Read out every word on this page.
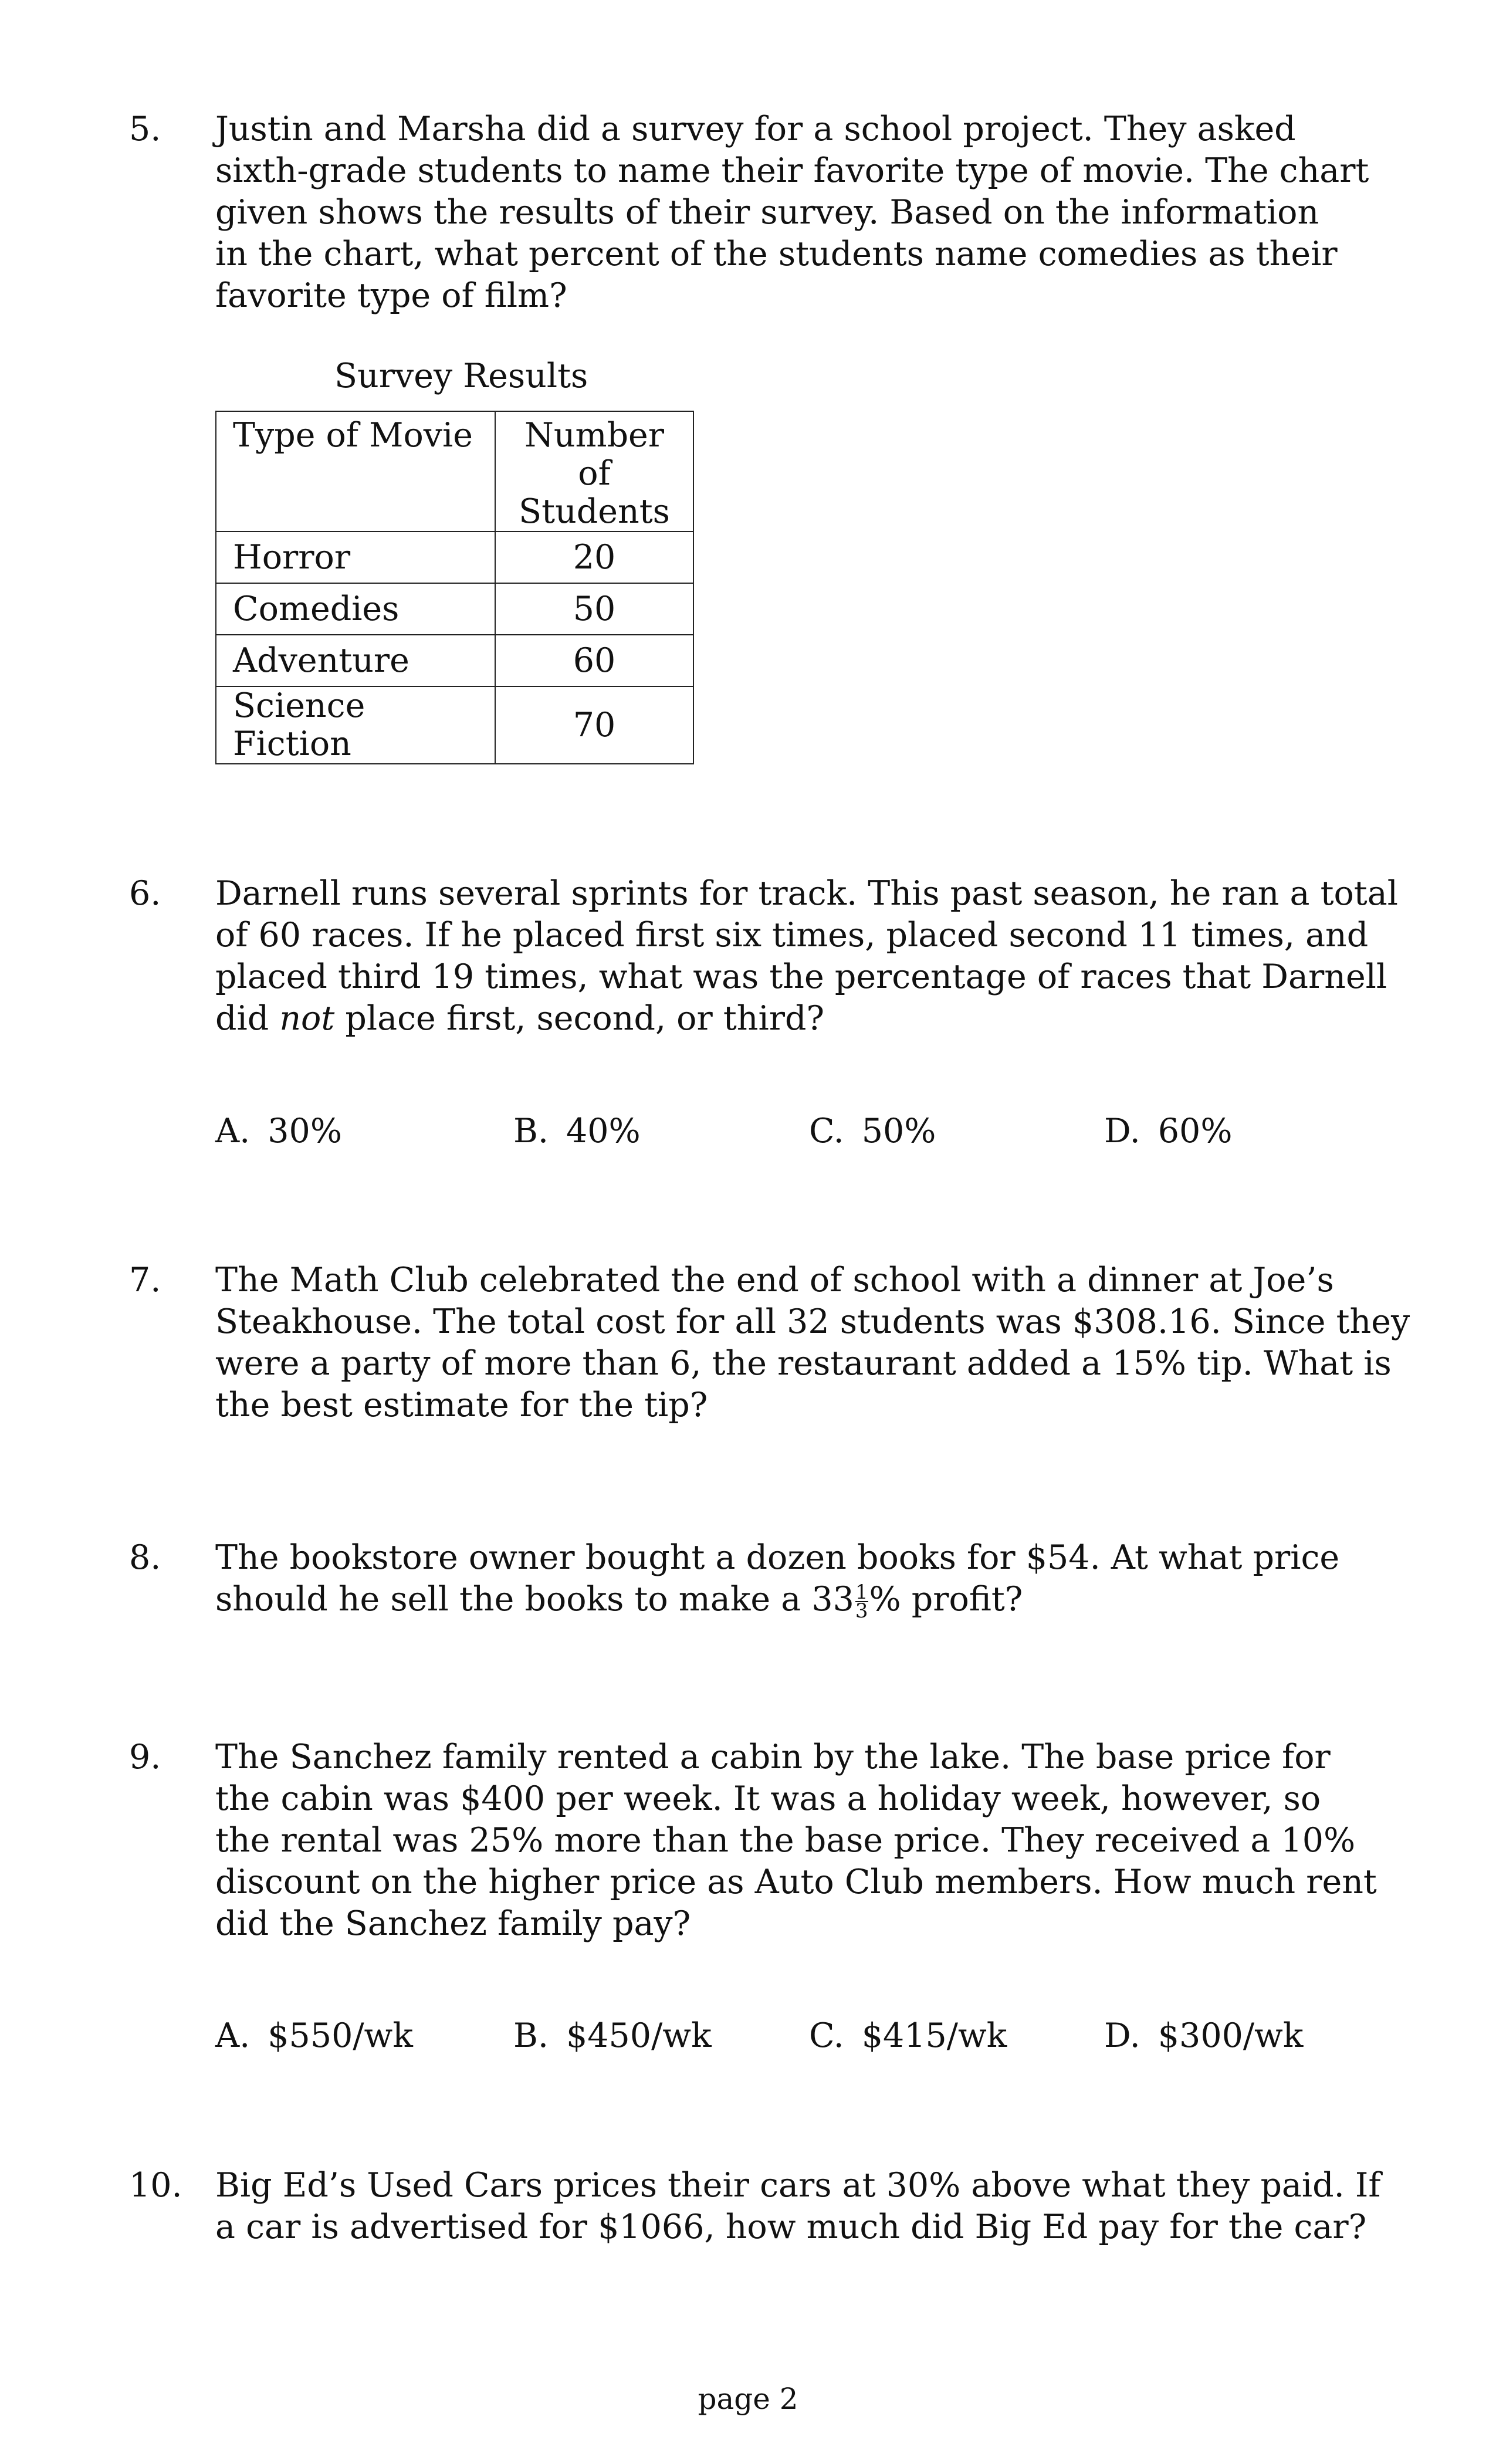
5. Justin and Marsha did a survey for a school project. They asked
sixth-grade students to name their favorite type of movie. The chart
given shows the results of their survey. Based on the information
in the chart, what percent of the students name comedies as their
favorite type of film?
Survey Results
Type of Movie	Number of
Students

Horror	20
Comedies	50
Adventure	60
Science Fiction	70
6. Darnell runs several sprints for track. This past season, he ran a total
of 60 races. If he placed first six times, placed second 11 times, and
placed third 19 times, what was the percentage of races that Darnell
did not place first, second, or third?
A. 30%	B. 40%	C. 50%	D. 60%
7. The Math Club celebrated the end of school with a dinner at Joe’s
Steakhouse. The total cost for all 32 students was $308.16. Since they
were a party of more than 6, the restaurant added a 15% tip. What is
the best estimate for the tip?
8. The bookstore owner bought a dozen books for $54. At what price
should he sell the books to make a $33 \frac{1}{3}$ % profit?
9. The Sanchez family rented a cabin by the lake. The base price for
the cabin was $400 per week. It was a holiday week, however, so
the rental was 25% more than the base price. They received a 10%
discount on the higher price as Auto Club members. How much rent
did the Sanchez family pay?
A. $550/wk	B. $450/wk	C. $415/wk	D. $300/wk
10. Big Ed’s Used Cars prices their cars at 30% above what they paid. If
a car is advertised for $1066, how much did Big Ed pay for the car?
page 2
